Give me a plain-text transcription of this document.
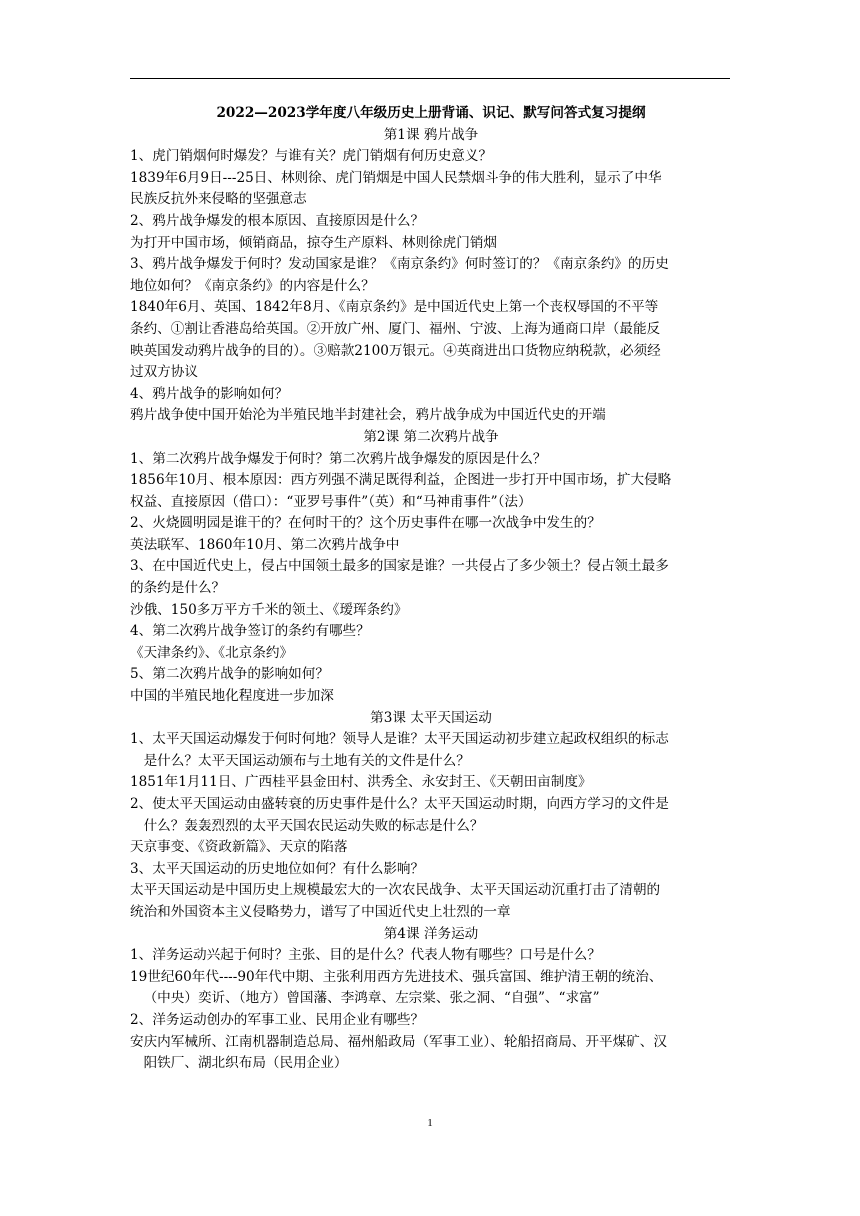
2022—2023学年度八年级历史上册背诵、识记、默写问答式复习提纲

第1课 鸦片战争

1、虎门销烟何时爆发？与谁有关？虎门销烟有何历史意义？

1839年6月9日---25日、林则徐、虎门销烟是中国人民禁烟斗争的伟大胜利，显示了中华

民族反抗外来侵略的坚强意志

2、鸦片战争爆发的根本原因、直接原因是什么？

为打开中国市场，倾销商品，掠夺生产原料、林则徐虎门销烟

3、鸦片战争爆发于何时？发动国家是谁？《南京条约》何时签订的？《南京条约》的历史

地位如何？《南京条约》的内容是什么？

1840年6月、英国、1842年8月、《南京条约》是中国近代史上第一个丧权辱国的不平等

条约、①割让香港岛给英国。②开放广州、厦门、福州、宁波、上海为通商口岸（最能反

映英国发动鸦片战争的目的）。③赔款2100万银元。④英商进出口货物应纳税款，必须经

过双方协议

4、鸦片战争的影响如何？

鸦片战争使中国开始沦为半殖民地半封建社会，鸦片战争成为中国近代史的开端

第2课 第二次鸦片战争

1、第二次鸦片战争爆发于何时？第二次鸦片战争爆发的原因是什么？

1856年10月、根本原因：西方列强不满足既得利益，企图进一步打开中国市场，扩大侵略

权益、直接原因（借口）：“亚罗号事件”（英）和“马神甫事件”（法）

2、火烧圆明园是谁干的？在何时干的？这个历史事件在哪一次战争中发生的？

英法联军、1860年10月、第二次鸦片战争中

3、在中国近代史上，侵占中国领土最多的国家是谁？一共侵占了多少领土？侵占领土最多

的条约是什么？

沙俄、150多万平方千米的领土、《瑷珲条约》

4、第二次鸦片战争签订的条约有哪些？

《天津条约》、《北京条约》

5、第二次鸦片战争的影响如何？

中国的半殖民地化程度进一步加深

第3课 太平天国运动

1、太平天国运动爆发于何时何地？领导人是谁？太平天国运动初步建立起政权组织的标志

是什么？太平天国运动颁布与土地有关的文件是什么？

1851年1月11日、广西桂平县金田村、洪秀全、永安封王、《天朝田亩制度》

2、使太平天国运动由盛转衰的历史事件是什么？太平天国运动时期，向西方学习的文件是

什么？轰轰烈烈的太平天国农民运动失败的标志是什么？

天京事变、《资政新篇》、天京的陷落

3、太平天国运动的历史地位如何？有什么影响？

太平天国运动是中国历史上规模最宏大的一次农民战争、太平天国运动沉重打击了清朝的

统治和外国资本主义侵略势力，谱写了中国近代史上壮烈的一章

第4课 洋务运动

1、洋务运动兴起于何时？主张、目的是什么？代表人物有哪些？口号是什么？

19世纪60年代----90年代中期、主张利用西方先进技术、强兵富国、维护清王朝的统治、

（中央）奕䜣、（地方）曾国藩、李鸿章、左宗棠、张之洞、“自强”、“求富”

2、洋务运动创办的军事工业、民用企业有哪些？

安庆内军械所、江南机器制造总局、福州船政局（军事工业）、轮船招商局、开平煤矿、汉

阳铁厂、湖北织布局（民用企业）

1
